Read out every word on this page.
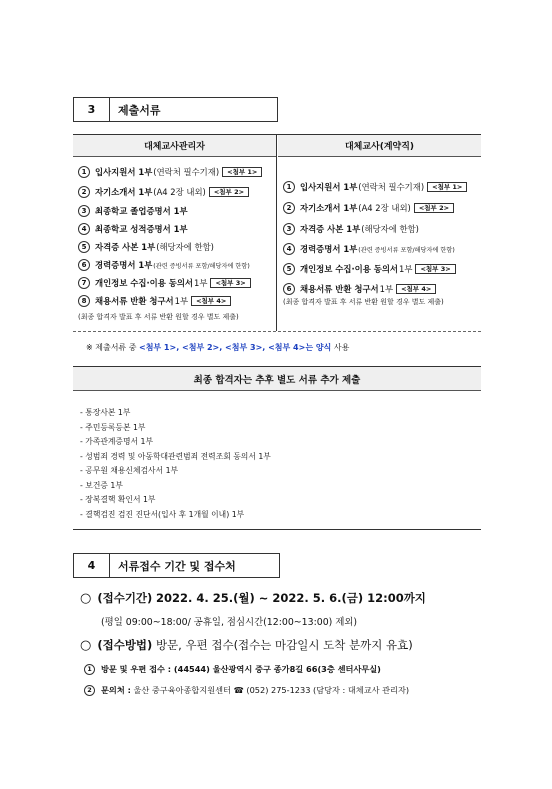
3	제출서류
대체교사관리자
1	입사지원서 1부 (연락처 필수기재)	<첨부 1>
2	자기소개서 1부 (A4 2장 내외)	<첨부 2>
3	최종학교 졸업증명서 1부
4	최종학교 성적증명서 1부
5	자격증 사본 1부 (해당자에 한함)
6	경력증명서 1부 (관련 증빙서류 포함/해당자에 한함)
7	개인정보 수집·이용 동의서 1부	<첨부 3>
8	채용서류 반환 청구서 1부	<첨부 4>
(최종 합격자 발표 후 서류 반환 원할 경우 별도 제출)
대체교사(계약직)
1	입사지원서 1부 (연락처 필수기재)	<첨부 1>
2	자기소개서 1부 (A4 2장 내외)	<첨부 2>
3	자격증 사본 1부 (해당자에 한함)
4	경력증명서 1부 (관련 증빙서류 포함/해당자에 한함)
5	개인정보 수집·이용 동의서 1부	<첨부 3>
6	채용서류 반환 청구서 1부	<첨부 4>
(최종 합격자 발표 후 서류 반환 원할 경우 별도 제출)
※ 제출서류 중 <첨부 1>, <첨부 2>, <첨부 3>, <첨부 4>는 양식 사용
최종 합격자는 추후 별도 서류 추가 제출
- 통장사본 1부
- 주민등록등본 1부
- 가족관계증명서 1부
- 성범죄 경력 및 아동학대관련범죄 전력조회 동의서 1부
- 공무원 채용신체검사서 1부
- 보건증 1부
- 장복결핵 확인서 1부
- 결핵검진 검진 진단서(입사 후 1개월 이내) 1부
4	서류접수 기간 및 접수처
○ (접수기간) 2022. 4. 25.(월) ~ 2022. 5. 6.(금) 12:00까지
(평일 09:00~18:00/ 공휴일, 점심시간(12:00~13:00) 제외)
○ (접수방법) 방문, 우편 접수(접수는 마감일시 도착 분까지 유효)
1 방문 및 우편 접수 : (44544) 울산광역시 중구 종가8길 66(3층 센터사무실)
2 문의처 : 울산 중구육아종합지원센터 ☎ (052) 275-1233 (담당자 : 대체교사 관리자)
